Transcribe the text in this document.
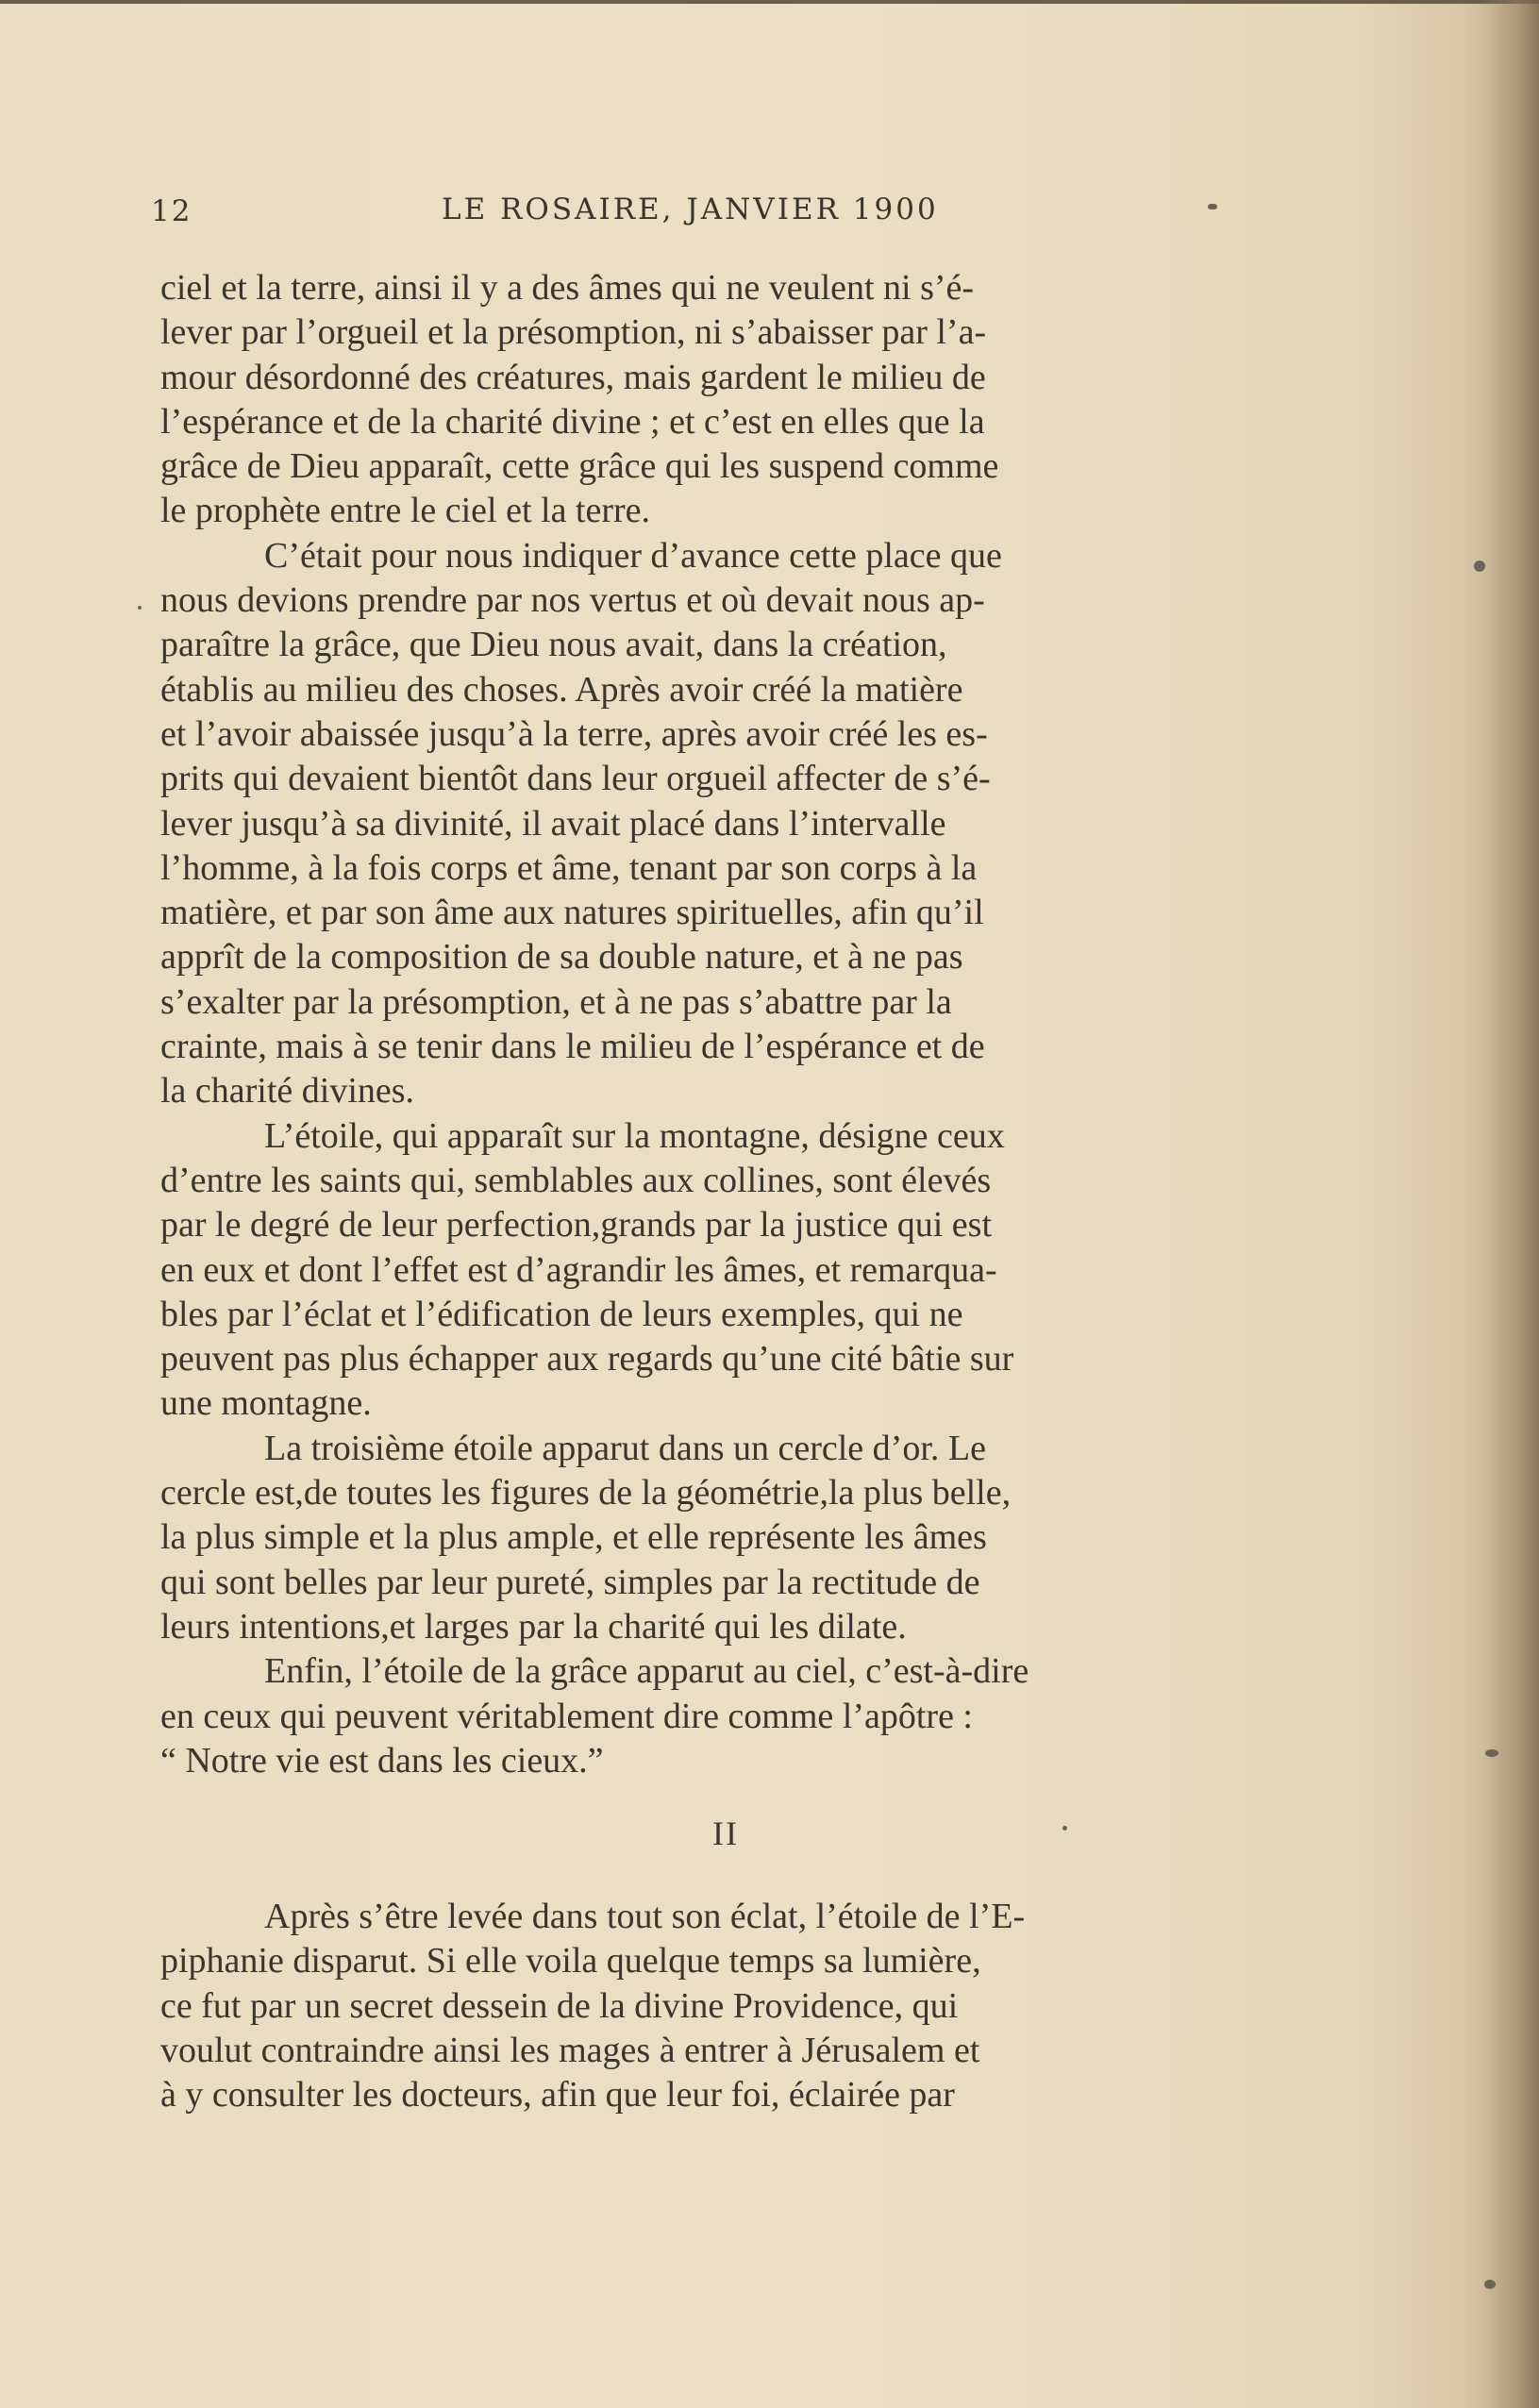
12	LE ROSAIRE, JANVIER 1900

ciel et la terre, ainsi il y a des âmes qui ne veulent ni s’é-
lever par l’orgueil et la présomption, ni s’abaisser par l’a-
mour désordonné des créatures, mais gardent le milieu de
l’espérance et de la charité divine ; et c’est en elles que la
grâce de Dieu apparaît, cette grâce qui les suspend comme
le prophète entre le ciel et la terre.

C’était pour nous indiquer d’avance cette place que
nous devions prendre par nos vertus et où devait nous ap-
paraître la grâce, que Dieu nous avait, dans la création,
établis au milieu des choses. Après avoir créé la matière
et l’avoir abaissée jusqu’à la terre, après avoir créé les es-
prits qui devaient bientôt dans leur orgueil affecter de s’é-
lever jusqu’à sa divinité, il avait placé dans l’intervalle
l’homme, à la fois corps et âme, tenant par son corps à la
matière, et par son âme aux natures spirituelles, afin qu’il
apprît de la composition de sa double nature, et à ne pas
s’exalter par la présomption, et à ne pas s’abattre par la
crainte, mais à se tenir dans le milieu de l’espérance et de
la charité divines.

L’étoile, qui apparaît sur la montagne, désigne ceux
d’entre les saints qui, semblables aux collines, sont élevés
par le degré de leur perfection,grands par la justice qui est
en eux et dont l’effet est d’agrandir les âmes, et remarqua-
bles par l’éclat et l’édification de leurs exemples, qui ne
peuvent pas plus échapper aux regards qu’une cité bâtie sur
une montagne.

La troisième étoile apparut dans un cercle d’or. Le
cercle est,de toutes les figures de la géométrie,la plus belle,
la plus simple et la plus ample, et elle représente les âmes
qui sont belles par leur pureté, simples par la rectitude de
leurs intentions,et larges par la charité qui les dilate.

Enfin, l’étoile de la grâce apparut au ciel, c’est-à-dire
en ceux qui peuvent véritablement dire comme l’apôtre :
“ Notre vie est dans les cieux.”

II

Après s’être levée dans tout son éclat, l’étoile de l’E-
piphanie disparut. Si elle voila quelque temps sa lumière,
ce fut par un secret dessein de la divine Providence, qui
voulut contraindre ainsi les mages à entrer à Jérusalem et
à y consulter les docteurs, afin que leur foi, éclairée par
